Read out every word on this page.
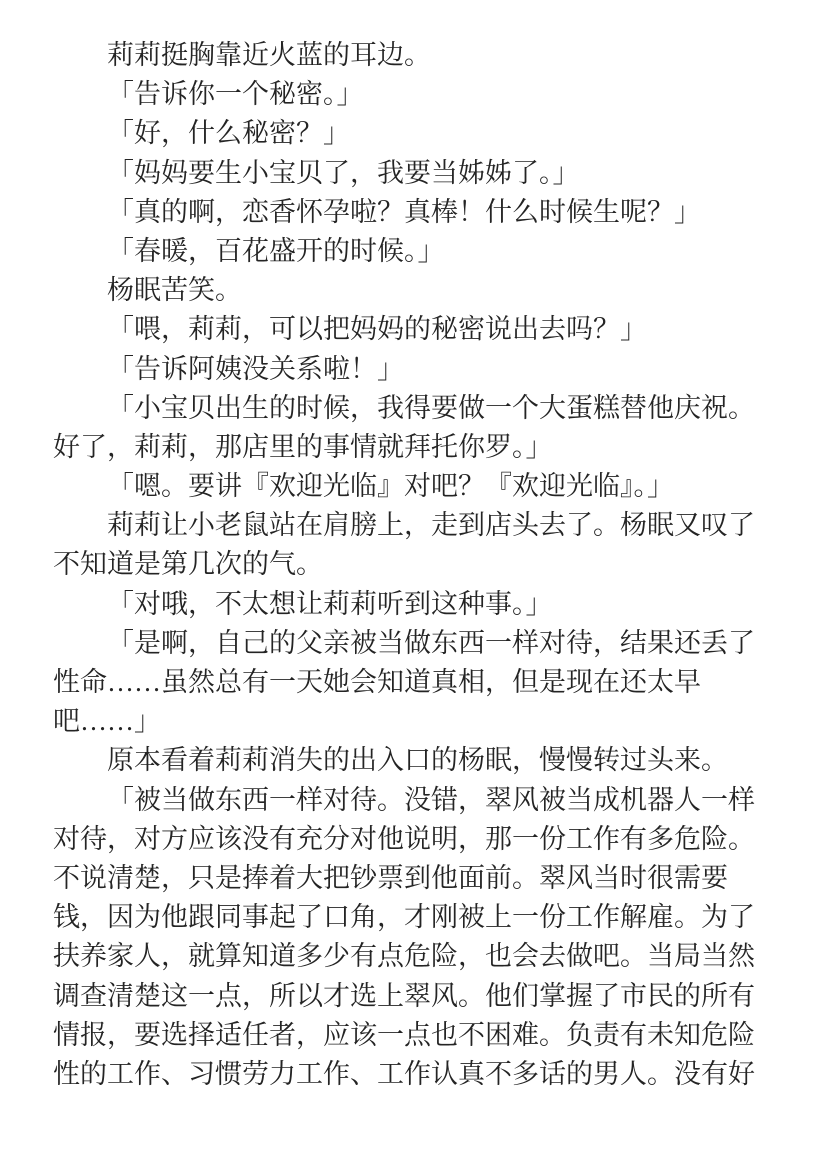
莉莉挺胸靠近火蓝的耳边。
「告诉你一个秘密。」
「好，什么秘密？」
「妈妈要生小宝贝了，我要当姊姊了。」
「真的啊，恋香怀孕啦？真棒！什么时候生呢？」
「春暖，百花盛开的时候。」
杨眠苦笑。
「喂，莉莉，可以把妈妈的秘密说出去吗？」
「告诉阿姨没关系啦！」
「小宝贝出生的时候，我得要做一个大蛋糕替他庆祝。
好了，莉莉，那店里的事情就拜托你罗。」
「嗯。要讲『欢迎光临』对吧？『欢迎光临』。」
莉莉让小老鼠站在肩膀上，走到店头去了。杨眠又叹了
不知道是第几次的气。
「对哦，不太想让莉莉听到这种事。」
「是啊，自己的父亲被当做东西一样对待，结果还丢了
性命……虽然总有一天她会知道真相，但是现在还太早
吧……」
原本看着莉莉消失的出入口的杨眠，慢慢转过头来。
「被当做东西一样对待。没错，翠风被当成机器人一样
对待，对方应该没有充分对他说明，那一份工作有多危险。
不说清楚，只是捧着大把钞票到他面前。翠风当时很需要
钱，因为他跟同事起了口角，才刚被上一份工作解雇。为了
扶养家人，就算知道多少有点危险，也会去做吧。当局当然
调查清楚这一点，所以才选上翠风。他们掌握了市民的所有
情报，要选择适任者，应该一点也不困难。负责有未知危险
性的工作、习惯劳力工作、工作认真不多话的男人。没有好
